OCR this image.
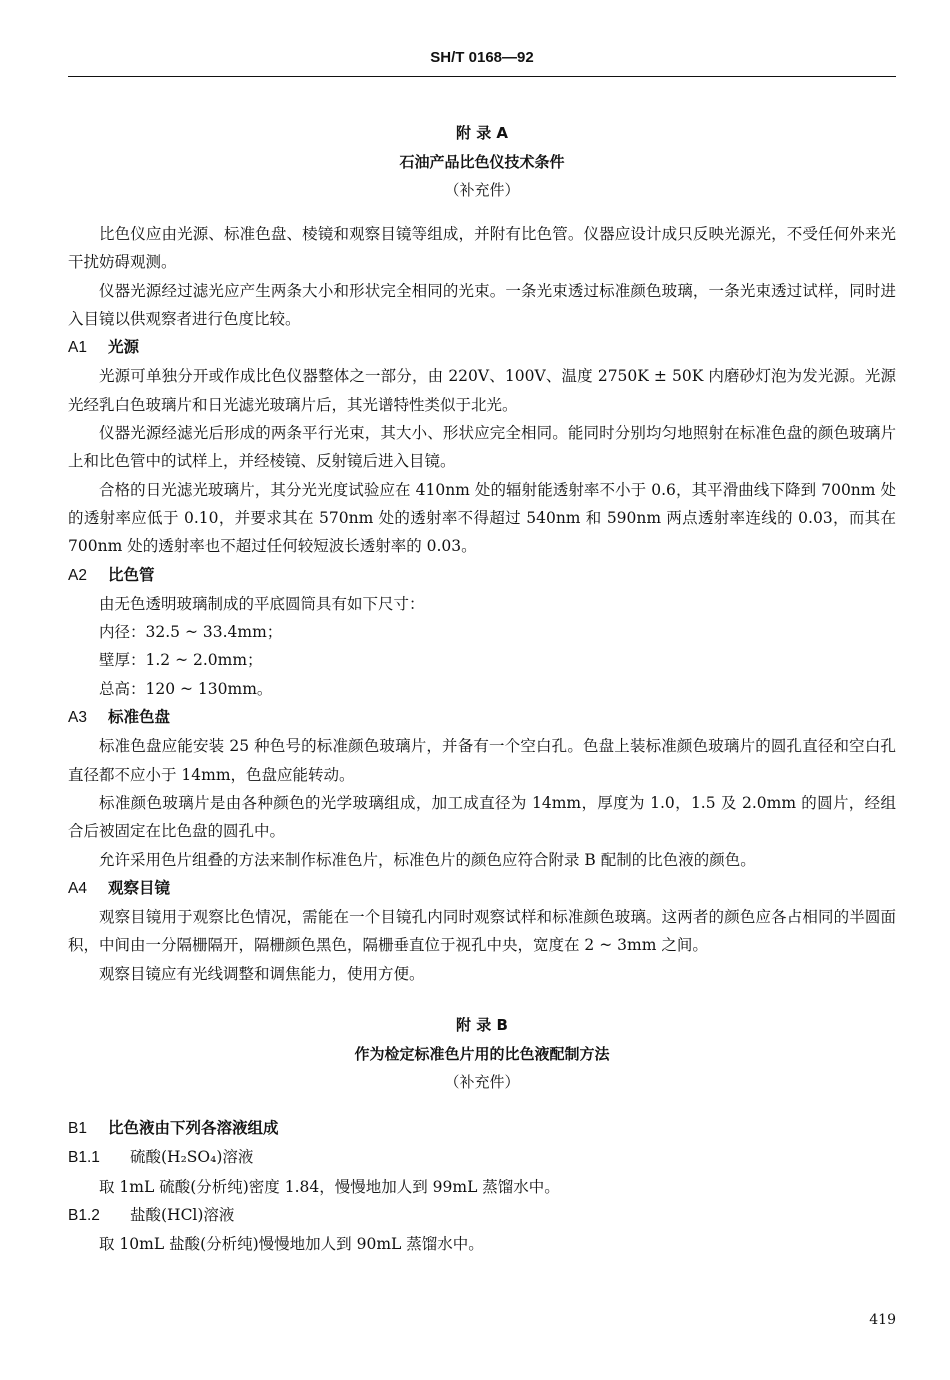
SH/T 0168—92
附 录 A
石油产品比色仪技术条件
（补充件）

比色仪应由光源、标准色盘、棱镜和观察目镜等组成，并附有比色管。仪器应设计成只反映光源光，不受任何外来光干扰妨碍观测。

仪器光源经过滤光应产生两条大小和形状完全相同的光束。一条光束透过标准颜色玻璃，一条光束透过试样，同时进入目镜以供观察者进行色度比较。

A1 光源

光源可单独分开或作成比色仪器整体之一部分，由 220V、100V、温度 2750K ± 50K 内磨砂灯泡为发光源。光源光经乳白色玻璃片和日光滤光玻璃片后，其光谱特性类似于北光。

仪器光源经滤光后形成的两条平行光束，其大小、形状应完全相同。能同时分别均匀地照射在标准色盘的颜色玻璃片上和比色管中的试样上，并经棱镜、反射镜后进入目镜。

合格的日光滤光玻璃片，其分光光度试验应在 410nm 处的辐射能透射率不小于 0.6，其平滑曲线下降到 700nm 处的透射率应低于 0.10，并要求其在 570nm 处的透射率不得超过 540nm 和 590nm 两点透射率连线的 0.03，而其在 700nm 处的透射率也不超过任何较短波长透射率的 0.03。

A2 比色管

由无色透明玻璃制成的平底圆筒具有如下尺寸：

内径：32.5 ~ 33.4mm；

壁厚：1.2 ~ 2.0mm；

总高：120 ~ 130mm。

A3 标准色盘

标准色盘应能安装 25 种色号的标准颜色玻璃片，并备有一个空白孔。色盘上装标准颜色玻璃片的圆孔直径和空白孔直径都不应小于 14mm，色盘应能转动。

标准颜色玻璃片是由各种颜色的光学玻璃组成，加工成直径为 14mm，厚度为 1.0，1.5 及 2.0mm 的圆片，经组合后被固定在比色盘的圆孔中。

允许采用色片组叠的方法来制作标准色片，标准色片的颜色应符合附录 B 配制的比色液的颜色。

A4 观察目镜

观察目镜用于观察比色情况，需能在一个目镜孔内同时观察试样和标准颜色玻璃。这两者的颜色应各占相同的半圆面积，中间由一分隔栅隔开，隔栅颜色黑色，隔栅垂直位于视孔中央，宽度在 2 ~ 3mm 之间。

观察目镜应有光线调整和调焦能力，使用方便。

附 录 B
作为检定标准色片用的比色液配制方法
（补充件）
B1 比色液由下列各溶液组成
B1.1 硫酸(H₂SO₄)溶液

取 1mL 硫酸(分析纯)密度 1.84，慢慢地加人到 99mL 蒸馏水中。

B1.2 盐酸(HCl)溶液

取 10mL 盐酸(分析纯)慢慢地加人到 90mL 蒸馏水中。

419
